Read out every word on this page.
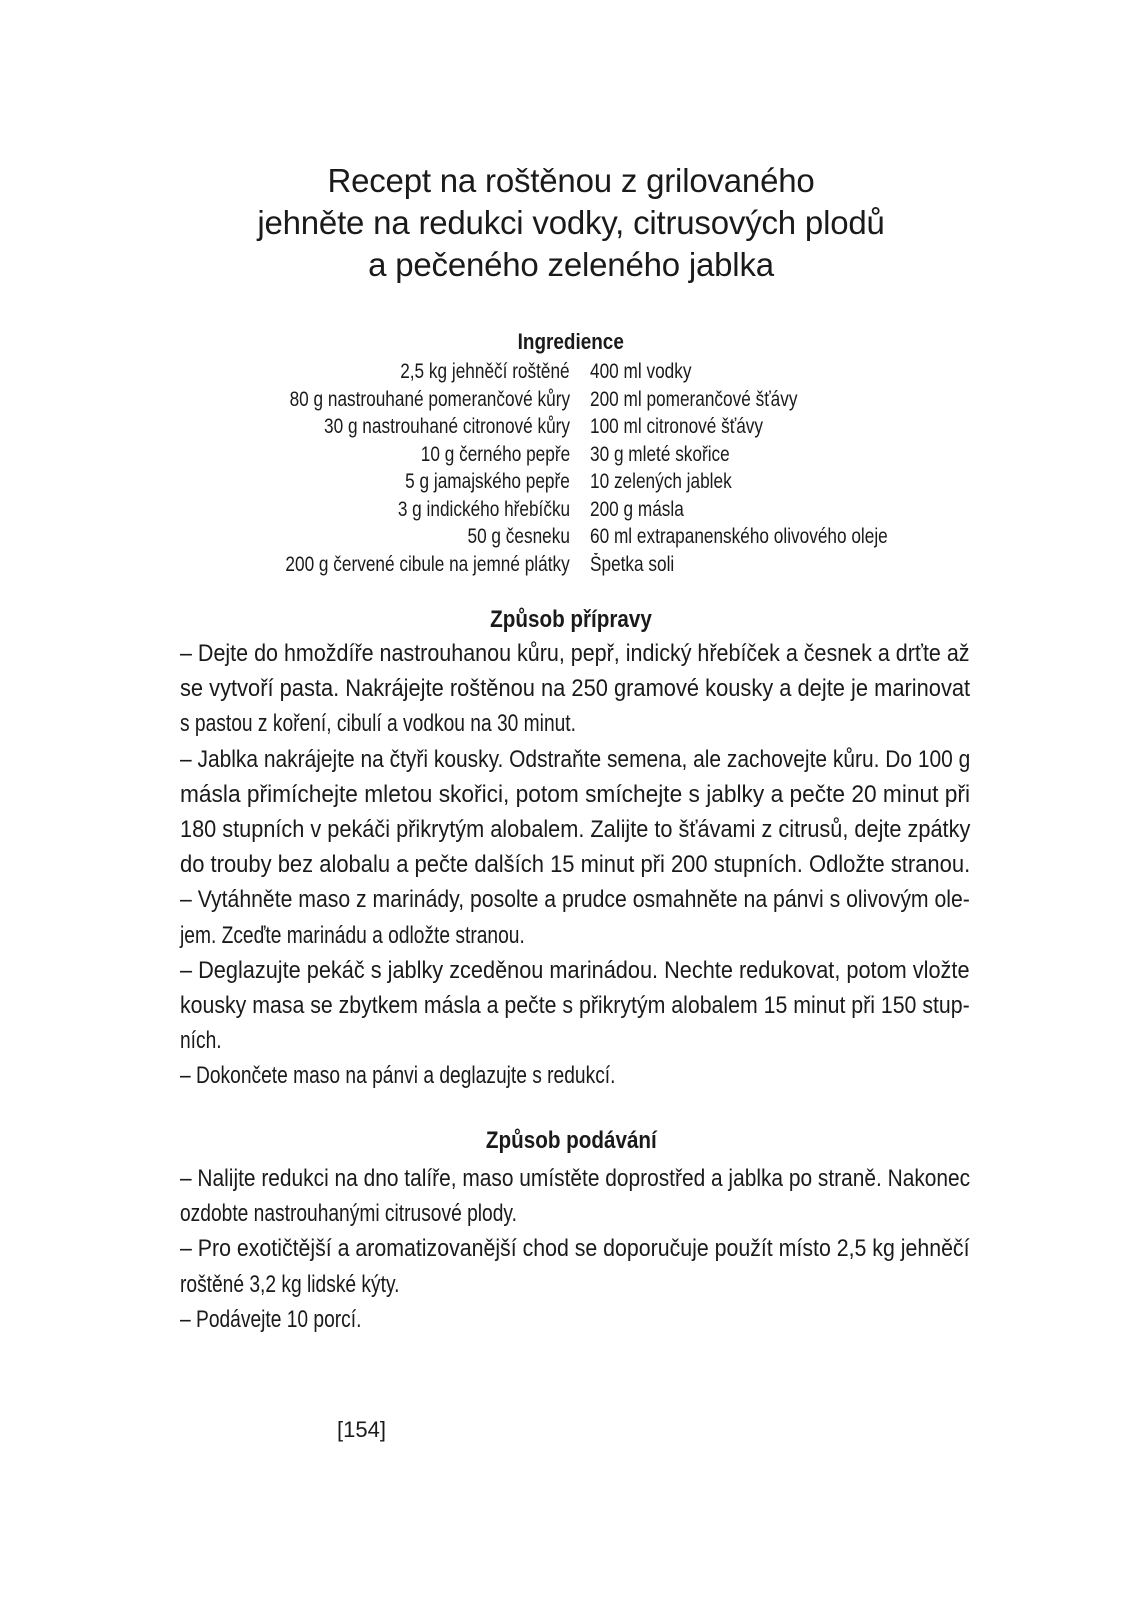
Recept na roštěnou z grilovaného
jehněte na redukci vodky, citrusových plodů
a pečeného zeleného jablka
Ingredience
2,5 kg jehněčí roštěné 400 ml vodky
80 g nastrouhané pomerančové kůry 200 ml pomerančové šťávy
30 g nastrouhané citronové kůry 100 ml citronové šťávy
10 g černého pepře 30 g mleté skořice
5 g jamajského pepře 10 zelených jablek
3 g indického hřebíčku 200 g másla
50 g česneku 60 ml extrapanenského olivového oleje
200 g červené cibule na jemné plátky Špetka soli
Způsob přípravy
– Dejte do hmoždíře nastrouhanou kůru, pepř, indický hřebíček a česnek a drťte až
se vytvoří pasta. Nakrájejte roštěnou na 250 gramové kousky a dejte je marinovat
s pastou z koření, cibulí a vodkou na 30 minut.
– Jablka nakrájejte na čtyři kousky. Odstraňte semena, ale zachovejte kůru. Do 100 g
másla přimíchejte mletou skořici, potom smíchejte s jablky a pečte 20 minut při
180 stupních v pekáči přikrytým alobalem. Zalijte to šťávami z citrusů, dejte zpátky
do trouby bez alobalu a pečte dalších 15 minut při 200 stupních. Odložte stranou.
– Vytáhněte maso z marinády, posolte a prudce osmahněte na pánvi s olivovým ole-
jem. Zceďte marinádu a odložte stranou.
– Deglazujte pekáč s jablky zceděnou marinádou. Nechte redukovat, potom vložte
kousky masa se zbytkem másla a pečte s přikrytým alobalem 15 minut při 150 stup-
ních.
– Dokončete maso na pánvi a deglazujte s redukcí.
Způsob podávání
– Nalijte redukci na dno talíře, maso umístěte doprostřed a jablka po straně. Nakonec
ozdobte nastrouhanými citrusové plody.
– Pro exotičtější a aromatizovanější chod se doporučuje použít místo 2,5 kg jehněčí
roštěné 3,2 kg lidské kýty.
– Podávejte 10 porcí.

[154]
